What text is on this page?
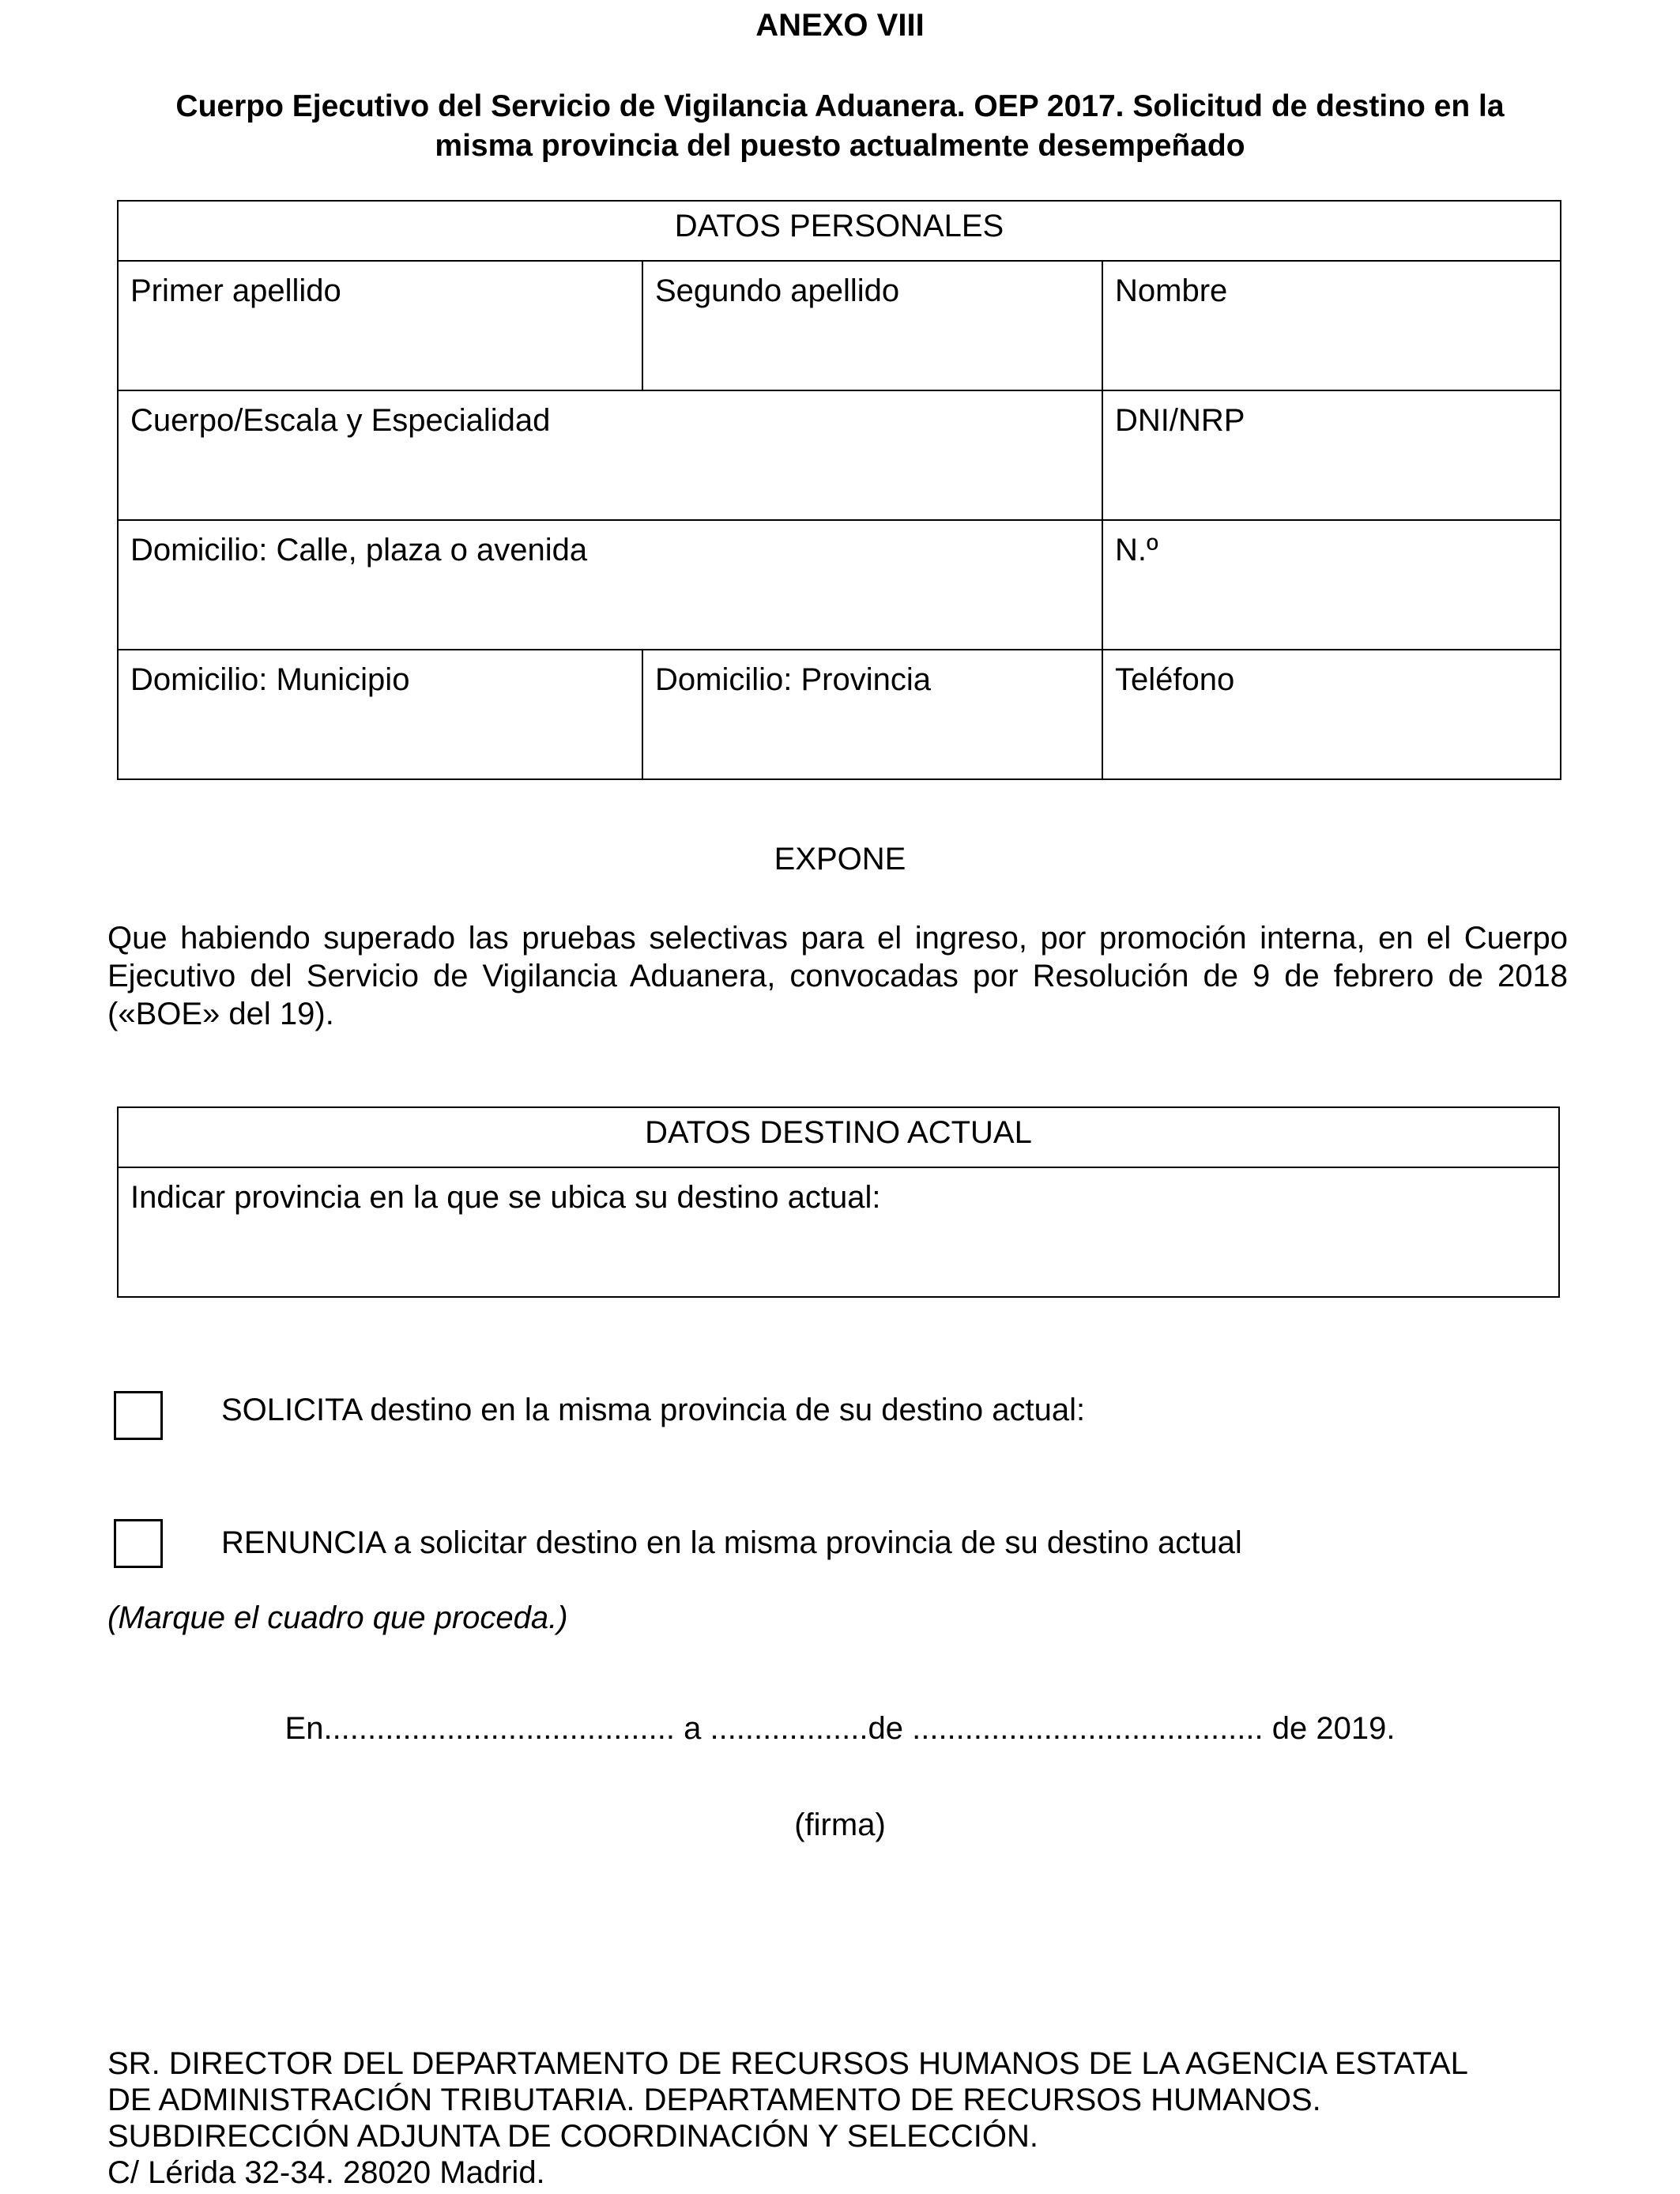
ANEXO VIII
Cuerpo Ejecutivo del Servicio de Vigilancia Aduanera. OEP 2017. Solicitud de destino en la
misma provincia del puesto actualmente desempeñado
DATOS PERSONALES		
Primer apellido	Segundo apellido	Nombre
Cuerpo/Escala y Especialidad		DNI/NRP
Domicilio: Calle, plaza o avenida		N.º
Domicilio: Municipio	Domicilio: Provincia	Teléfono
EXPONE
Que habiendo superado las pruebas selectivas para el ingreso, por promoción interna, en el Cuerpo Ejecutivo del Servicio de Vigilancia Aduanera, convocadas por Resolución de 9 de febrero de 2018 («BOE» del 19).
DATOS DESTINO ACTUAL
Indicar provincia en la que se ubica su destino actual:
SOLICITA destino en la misma provincia de su destino actual:
RENUNCIA a solicitar destino en la misma provincia de su destino actual
(Marque el cuadro que proceda.)
En........................................ a ..................de ........................................ de 2019.
(firma)
SR. DIRECTOR DEL DEPARTAMENTO DE RECURSOS HUMANOS DE LA AGENCIA ESTATAL
DE ADMINISTRACIÓN TRIBUTARIA. DEPARTAMENTO DE RECURSOS HUMANOS.
SUBDIRECCIÓN ADJUNTA DE COORDINACIÓN Y SELECCIÓN.
C/ Lérida 32-34. 28020 Madrid.
